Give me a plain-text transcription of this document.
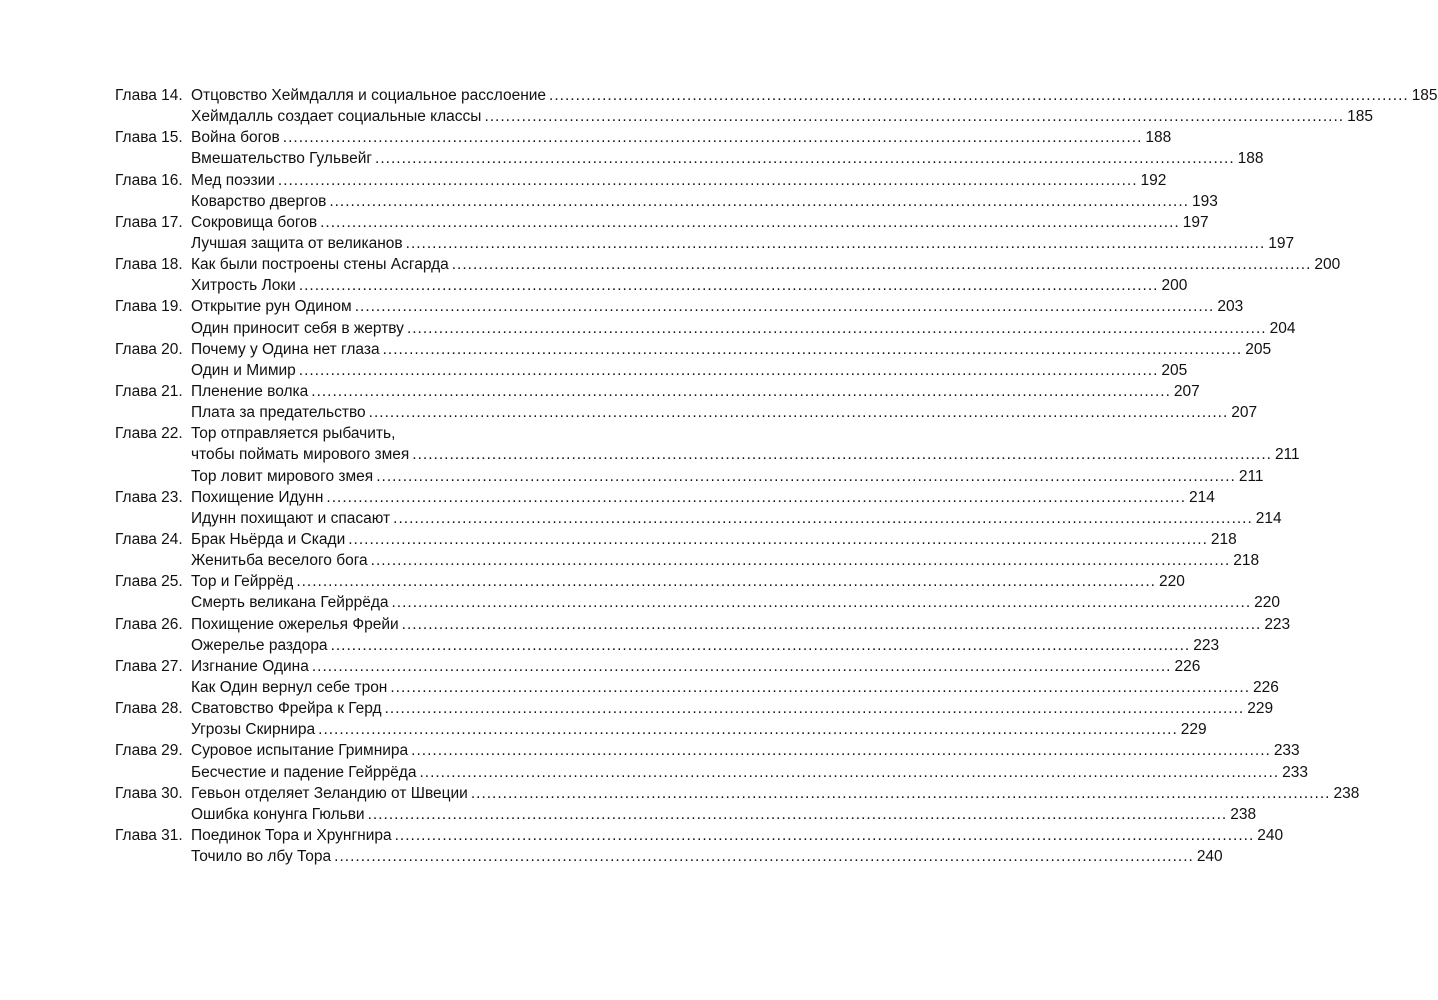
Глава 14. Отцовство Хеймдалля и социальное расслоение .....	185
Хеймдалль создает социальные классы .....	185
Глава 15. Война богов .....	188
Вмешательство Гульвейг .....	188
Глава 16. Мед поэзии .....	192
Коварство двергов .....	193
Глава 17. Сокровища богов .....	197
Лучшая защита от великанов .....	197
Глава 18. Как были построены стены Асгарда .....	200
Хитрость Локи .....	200
Глава 19. Открытие рун Одином .....	203
Один приносит себя в жертву .....	204
Глава 20. Почему у Одина нет глаза .....	205
Один и Мимир .....	205
Глава 21. Пленение волка .....	207
Плата за предательство .....	207
Глава 22. Тор отправляется рыбачить,
чтобы поймать мирового змея .....	211
Тор ловит мирового змея .....	211
Глава 23. Похищение Идунн .....	214
Идунн похищают и спасают .....	214
Глава 24. Брак Ньёрда и Скади .....	218
Женитьба веселого бога .....	218
Глава 25. Тор и Гейррёд .....	220
Смерть великана Гейррёда .....	220
Глава 26. Похищение ожерелья Фрейи .....	223
Ожерелье раздора .....	223
Глава 27. Изгнание Одина .....	226
Как Один вернул себе трон .....	226
Глава 28. Сватовство Фрейра к Герд .....	229
Угрозы Скирнира .....	229
Глава 29. Суровое испытание Гримнира .....	233
Бесчестие и падение Гейррёда .....	233
Глава 30. Гевьон отделяет Зеландию от Швеции .....	238
Ошибка конунга Гюльви .....	238
Глава 31. Поединок Тора и Хрунгнира .....	240
Точило во лбу Тора .....	240
